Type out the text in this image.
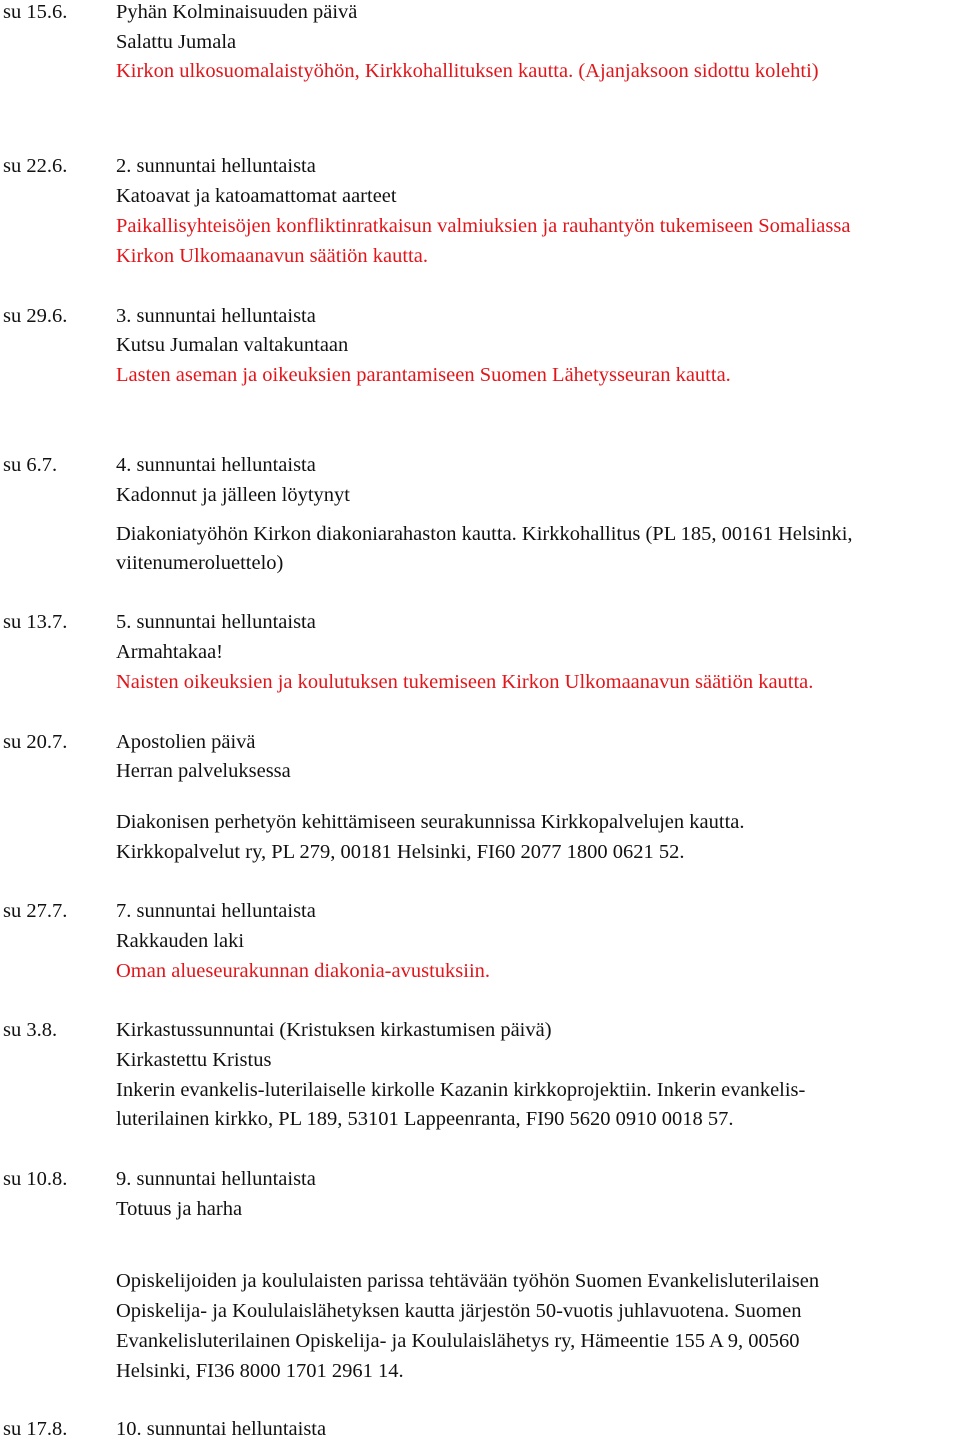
su 15.6. Pyhän Kolminaisuuden päivä
Salattu Jumala
Kirkon ulkosuomalaistyöhön, Kirkkohallituksen kautta. (Ajanjaksoon sidottu kolehti)
su 22.6. 2. sunnuntai helluntaista
Katoavat ja katoamattomat aarteet
Paikallisyhteisöjen konfliktinratkaisun valmiuksien ja rauhantyön tukemiseen Somaliassa
Kirkon Ulkomaanavun säätiön kautta.
su 29.6. 3. sunnuntai helluntaista
Kutsu Jumalan valtakuntaan
Lasten aseman ja oikeuksien parantamiseen Suomen Lähetysseuran kautta.
su 6.7.	4. sunnuntai helluntaista
Kadonnut ja jälleen löytynyt
Diakoniatyöhön Kirkon diakoniarahaston kautta. Kirkkohallitus (PL 185, 00161 Helsinki,
viitenumeroluettelo)
su 13.7. 5. sunnuntai helluntaista
Armahtakaa!
Naisten oikeuksien ja koulutuksen tukemiseen Kirkon Ulkomaanavun säätiön kautta.
su 20.7. Apostolien päivä
Herran palveluksessa
Diakonisen perhetyön kehittämiseen seurakunnissa Kirkkopalvelujen kautta.
Kirkkopalvelut ry, PL 279, 00181 Helsinki, FI60 2077 1800 0621 52.
su 27.7. 7. sunnuntai helluntaista
Rakkauden laki
Oman alueseurakunnan diakonia-avustuksiin.
su 3.8.	Kirkastussunnuntai (Kristuksen kirkastumisen päivä)
Kirkastettu Kristus
Inkerin evankelis-luterilaiselle kirkolle Kazanin kirkkoprojektiin. Inkerin evankelis-
luterilainen kirkko, PL 189, 53101 Lappeenranta, FI90 5620 0910 0018 57.
su 10.8. 9. sunnuntai helluntaista
Totuus ja harha
Opiskelijoiden ja koululaisten parissa tehtävään työhön Suomen Evankelisluterilaisen
Opiskelija- ja Koululaislähetyksen kautta järjestön 50-vuotis juhlavuotena. Suomen
Evankelisluterilainen Opiskelija- ja Koululaislähetys ry, Hämeentie 155 A 9, 00560
Helsinki, FI36 8000 1701 2961 14.
su 17.8. 10. sunnuntai helluntaista
